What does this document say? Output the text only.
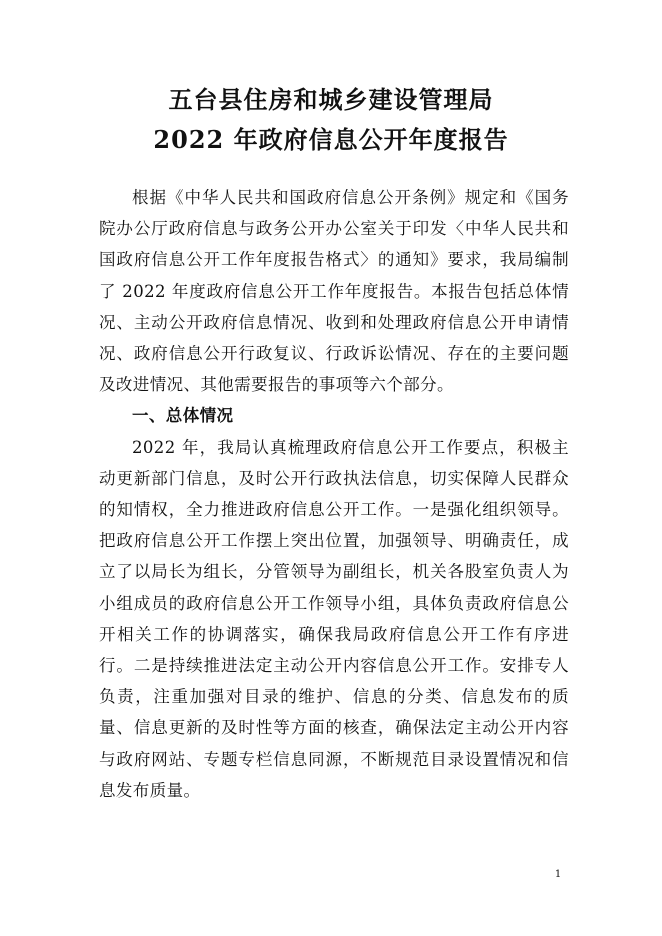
五台县住房和城乡建设管理局
2022 年政府信息公开年度报告

根据《中华人民共和国政府信息公开条例》规定和《国务院办公厅政府信息与政务公开办公室关于印发〈中华人民共和国政府信息公开工作年度报告格式〉的通知》要求，我局编制了 2022 年度政府信息公开工作年度报告。本报告包括总体情况、主动公开政府信息情况、收到和处理政府信息公开申请情况、政府信息公开行政复议、行政诉讼情况、存在的主要问题及改进情况、其他需要报告的事项等六个部分。

一、总体情况

2022 年，我局认真梳理政府信息公开工作要点，积极主动更新部门信息，及时公开行政执法信息，切实保障人民群众的知情权，全力推进政府信息公开工作。一是强化组织领导。把政府信息公开工作摆上突出位置，加强领导、明确责任，成立了以局长为组长，分管领导为副组长，机关各股室负责人为小组成员的政府信息公开工作领导小组，具体负责政府信息公开相关工作的协调落实，确保我局政府信息公开工作有序进行。二是持续推进法定主动公开内容信息公开工作。安排专人负责，注重加强对目录的维护、信息的分类、信息发布的质量、信息更新的及时性等方面的核查，确保法定主动公开内容与政府网站、专题专栏信息同源，不断规范目录设置情况和信息发布质量。

1
